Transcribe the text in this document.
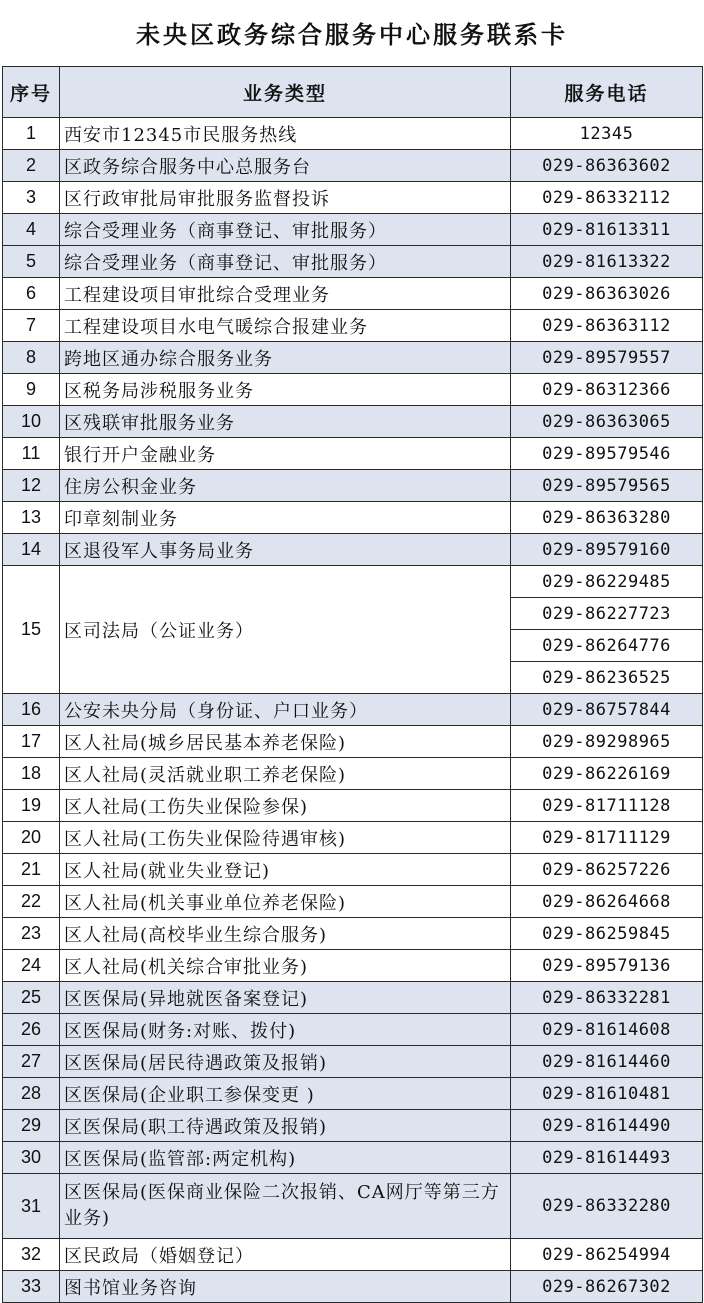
未央区政务综合服务中心服务联系卡
序号	业务类型	服务电话
1	西安市12345市民服务热线	12345
2	区政务综合服务中心总服务台	029-86363602
3	区行政审批局审批服务监督投诉	029-86332112
4	综合受理业务（商事登记、审批服务）	029-81613311
5	综合受理业务（商事登记、审批服务）	029-81613322
6	工程建设项目审批综合受理业务	029-86363026
7	工程建设项目水电气暖综合报建业务	029-86363112
8	跨地区通办综合服务业务	029-89579557
9	区税务局涉税服务业务	029-86312366
10	区残联审批服务业务	029-86363065
11	银行开户金融业务	029-89579546
12	住房公积金业务	029-89579565
13	印章刻制业务	029-86363280
14	区退役军人事务局业务	029-89579160
15	区司法局（公证业务）	029-86229485
		029-86227723
		029-86264776
		029-86236525
16	公安未央分局（身份证、户口业务）	029-86757844
17	区人社局(城乡居民基本养老保险)	029-89298965
18	区人社局(灵活就业职工养老保险)	029-86226169
19	区人社局(工伤失业保险参保)	029-81711128
20	区人社局(工伤失业保险待遇审核)	029-81711129
21	区人社局(就业失业登记)	029-86257226
22	区人社局(机关事业单位养老保险)	029-86264668
23	区人社局(高校毕业生综合服务)	029-86259845
24	区人社局(机关综合审批业务)	029-89579136
25	区医保局(异地就医备案登记)	029-86332281
26	区医保局(财务:对账、拨付)	029-81614608
27	区医保局(居民待遇政策及报销)	029-81614460
28	区医保局(企业职工参保变更 )	029-81610481
29	区医保局(职工待遇政策及报销)	029-81614490
30	区医保局(监管部:两定机构)	029-81614493
31	区医保局(医保商业保险二次报销、CA网厅等第三方业务)	029-86332280
32	区民政局（婚姻登记）	029-86254994
33	图书馆业务咨询	029-86267302
